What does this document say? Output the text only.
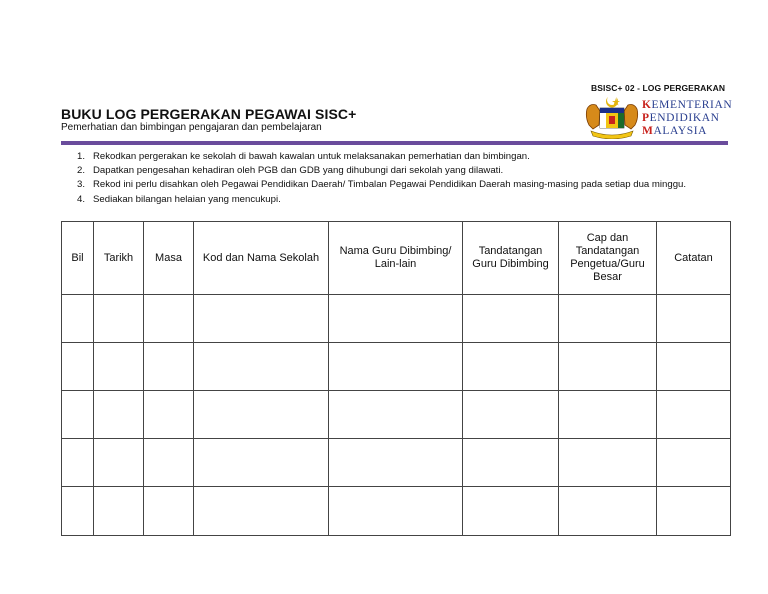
BSISC+ 02 - LOG PERGERAKAN
BUKU LOG PERGERAKAN PEGAWAI SISC+
Pemerhatian dan bimbingan pengajaran dan pembelajaran
KEMENTERIAN
PENDIDIKAN
MALAYSIA
1. Rekodkan pergerakan ke sekolah di bawah kawalan untuk melaksanakan pemerhatian dan bimbingan.
2. Dapatkan pengesahan kehadiran oleh PGB dan GDB yang dihubungi dari sekolah yang dilawati.
3. Rekod ini perlu disahkan oleh Pegawai Pendidikan Daerah/ Timbalan Pegawai Pendidikan Daerah masing-masing pada setiap dua minggu.
4. Sediakan bilangan helaian yang mencukupi.
Bil	Tarikh	Masa	Kod dan Nama Sekolah	Nama Guru Dibimbing/ Lain-lain	Tandatangan Guru Dibimbing	Cap dan Tandatangan Pengetua/Guru Besar	Catatan
